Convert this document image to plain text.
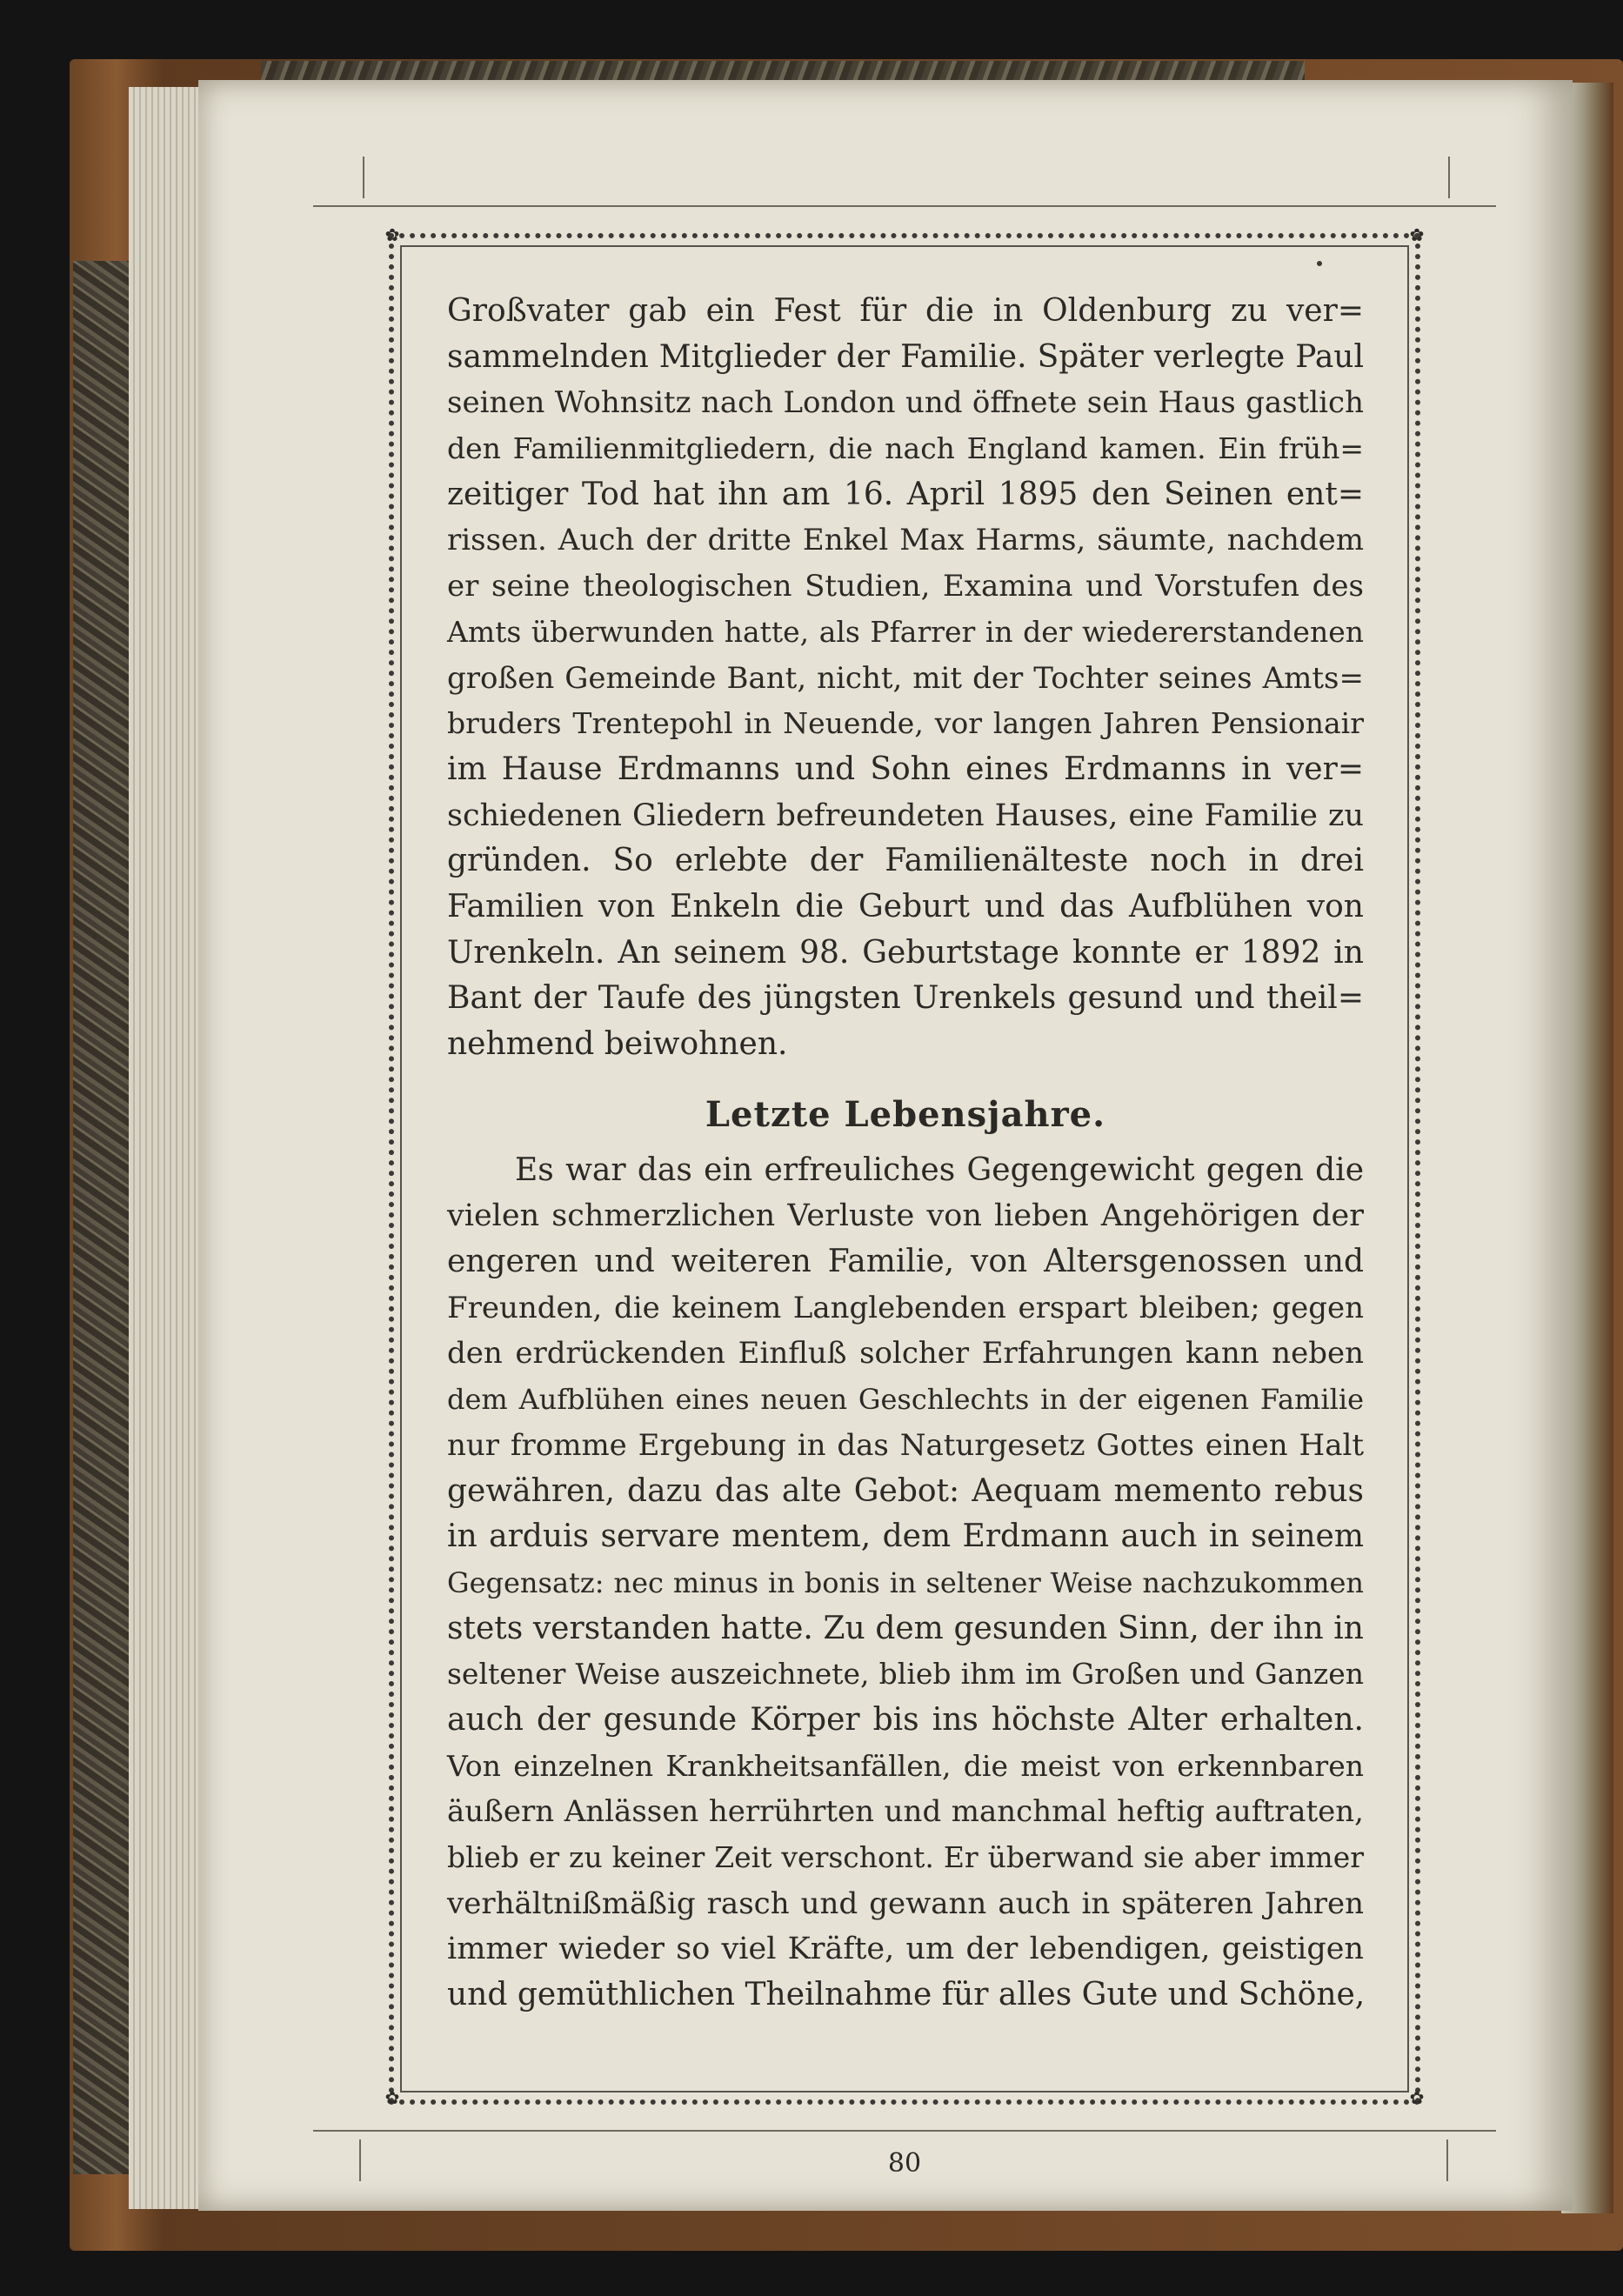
✿	✿
✿	✿
Großvater gab ein Fest für die in Oldenburg zu ver=
sammelnden Mitglieder der Familie. Später verlegte Paul
seinen Wohnsitz nach London und öffnete sein Haus gastlich
den Familienmitgliedern, die nach England kamen. Ein früh=
zeitiger Tod hat ihn am 16. April 1895 den Seinen ent=
rissen. Auch der dritte Enkel Max Harms, säumte, nachdem
er seine theologischen Studien, Examina und Vorstufen des
Amts überwunden hatte, als Pfarrer in der wiedererstandenen
großen Gemeinde Bant, nicht, mit der Tochter seines Amts=
bruders Trentepohl in Neuende, vor langen Jahren Pensionair
im Hause Erdmanns und Sohn eines Erdmanns in ver=
schiedenen Gliedern befreundeten Hauses, eine Familie zu
gründen. So erlebte der Familienälteste noch in drei
Familien von Enkeln die Geburt und das Aufblühen von
Urenkeln. An seinem 98. Geburtstage konnte er 1892 in
Bant der Taufe des jüngsten Urenkels gesund und theil=
nehmend beiwohnen.
Letzte Lebensjahre.
Es war das ein erfreuliches Gegengewicht gegen die
vielen schmerzlichen Verluste von lieben Angehörigen der
engeren und weiteren Familie, von Altersgenossen und
Freunden, die keinem Langlebenden erspart bleiben; gegen
den erdrückenden Einfluß solcher Erfahrungen kann neben
dem Aufblühen eines neuen Geschlechts in der eigenen Familie
nur fromme Ergebung in das Naturgesetz Gottes einen Halt
gewähren, dazu das alte Gebot: Aequam memento rebus
in arduis servare mentem, dem Erdmann auch in seinem
Gegensatz: nec minus in bonis in seltener Weise nachzukommen
stets verstanden hatte. Zu dem gesunden Sinn, der ihn in
seltener Weise auszeichnete, blieb ihm im Großen und Ganzen
auch der gesunde Körper bis ins höchste Alter erhalten.
Von einzelnen Krankheitsanfällen, die meist von erkennbaren
äußern Anlässen herrührten und manchmal heftig auftraten,
blieb er zu keiner Zeit verschont. Er überwand sie aber immer
verhältnißmäßig rasch und gewann auch in späteren Jahren
immer wieder so viel Kräfte, um der lebendigen, geistigen
und gemüthlichen Theilnahme für alles Gute und Schöne,
80
